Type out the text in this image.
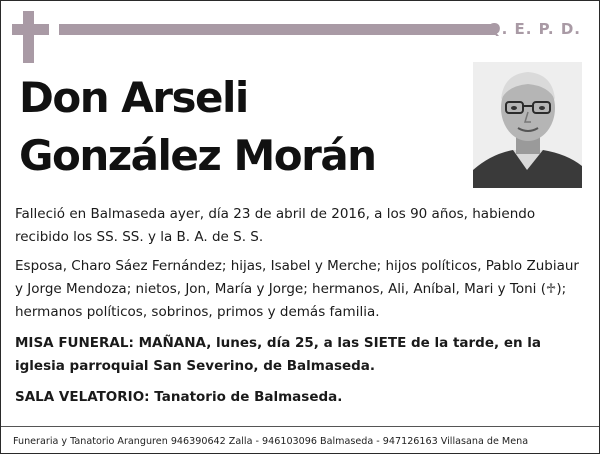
Q. E. P. D.
Don Arseli
González Morán

Falleció en Balmaseda ayer, día 23 de abril de 2016, a los 90 años, habiendo recibido los SS. SS. y la B. A. de S. S.

Esposa, Charo Sáez Fernández; hijas, Isabel y Merche; hijos políticos, Pablo Zubiaur y Jorge Mendoza; nietos, Jon, María y Jorge; hermanos, Ali, Aníbal, Mari y Toni (♱); hermanos políticos, sobrinos, primos y demás familia.

MISA FUNERAL: MAÑANA, lunes, día 25, a las SIETE de la tarde, en la iglesia parroquial San Severino, de Balmaseda.

SALA VELATORIO: Tanatorio de Balmaseda.

Funeraria y Tanatorio Aranguren 946390642 Zalla - 946103096 Balmaseda - 947126163 Villasana de Mena
